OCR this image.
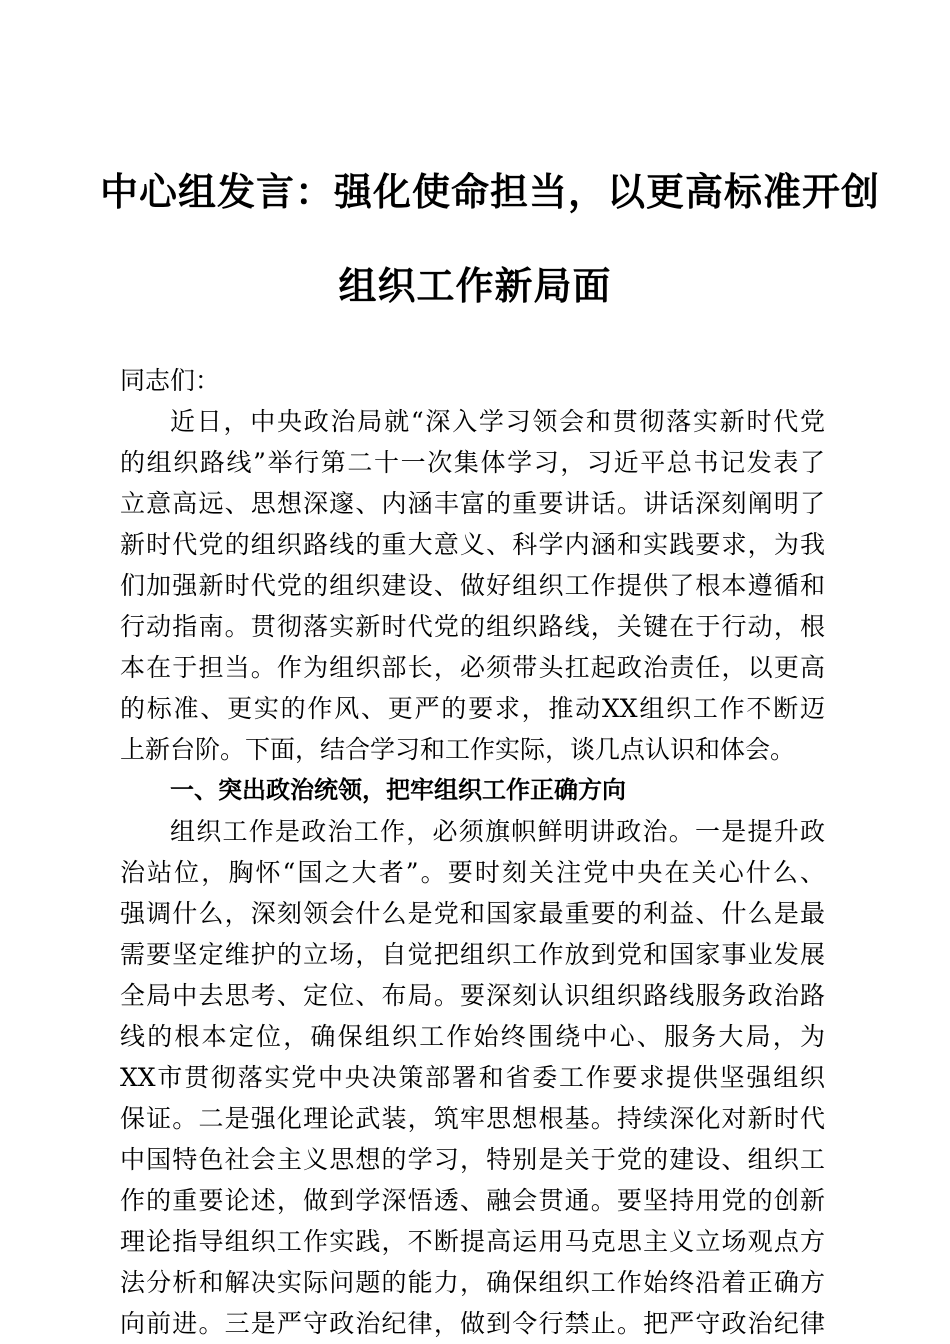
中心组发言：强化使命担当，以更高标准开创
组织工作新局面
同志们：
近日，中央政治局就“深入学习领会和贯彻落实新时代党
的组织路线”举行第二十一次集体学习，习近平总书记发表了
立意高远、思想深邃、内涵丰富的重要讲话。讲话深刻阐明了
新时代党的组织路线的重大意义、科学内涵和实践要求，为我
们加强新时代党的组织建设、做好组织工作提供了根本遵循和
行动指南。贯彻落实新时代党的组织路线，关键在于行动，根
本在于担当。作为组织部长，必须带头扛起政治责任，以更高
的标准、更实的作风、更严的要求，推动XX组织工作不断迈
上新台阶。下面，结合学习和工作实际，谈几点认识和体会。
一、突出政治统领，把牢组织工作正确方向
组织工作是政治工作，必须旗帜鲜明讲政治。一是提升政
治站位，胸怀“国之大者”。要时刻关注党中央在关心什么、
强调什么，深刻领会什么是党和国家最重要的利益、什么是最
需要坚定维护的立场，自觉把组织工作放到党和国家事业发展
全局中去思考、定位、布局。要深刻认识组织路线服务政治路
线的根本定位，确保组织工作始终围绕中心、服务大局，为
XX市贯彻落实党中央决策部署和省委工作要求提供坚强组织
保证。二是强化理论武装，筑牢思想根基。持续深化对新时代
中国特色社会主义思想的学习，特别是关于党的建设、组织工
作的重要论述，做到学深悟透、融会贯通。要坚持用党的创新
理论指导组织工作实践，不断提高运用马克思主义立场观点方
法分析和解决实际问题的能力，确保组织工作始终沿着正确方
向前进。三是严守政治纪律，做到令行禁止。把严守政治纪律
